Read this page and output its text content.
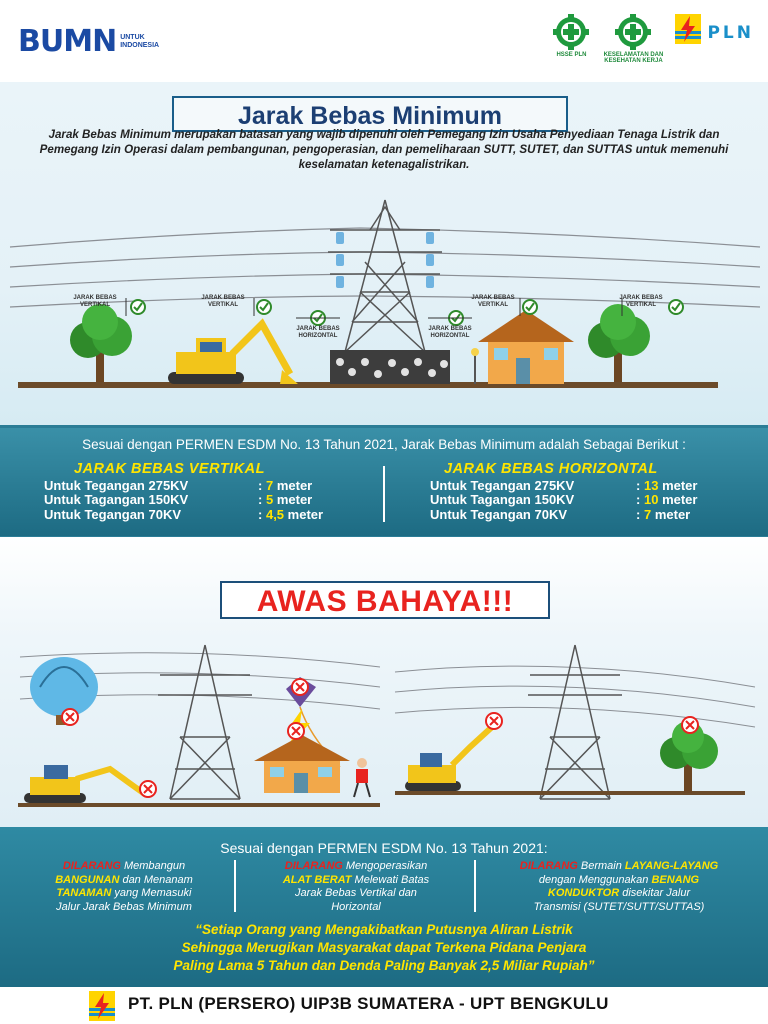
BUMN UNTUK
INDONESIA
HSSE PLN	KESELAMATAN DAN KESEHATAN KERJA
PLN
Jarak Bebas Minimum
Jarak Bebas Minimum merupakan batasan yang wajib dipenuhi oleh Pemegang Izin Usaha Penyediaan Tenaga Listrik dan Pemegang Izin Operasi dalam pembangunan, pengoperasian, dan pemeliharaan SUTT, SUTET, dan SUTTAS untuk memenuhi keselamatan ketenagalistrikan.
JARAK BEBAS VERTIKAL
JARAK BEBAS VERTIKAL
JARAK BEBAS HORIZONTAL
JARAK BEBAS HORIZONTAL
JARAK BEBAS VERTIKAL
JARAK BEBAS VERTIKAL
Sesuai dengan PERMEN ESDM No. 13 Tahun 2021, Jarak Bebas Minimum adalah Sebagai Berikut :
JARAK BEBAS VERTIKAL	JARAK BEBAS HORIZONTAL
Untuk Tegangan 275KV	: 7 meter
Untuk Tagangan 150KV	: 5 meter
Untuk Tegangan 70KV	: 4,5 meter
Untuk Tegangan 275KV	: 13 meter
Untuk Tagangan 150KV	: 10 meter
Untuk Tegangan 70KV	: 7 meter
AWAS BAHAYA!!!
Sesuai dengan PERMEN ESDM No. 13 Tahun 2021:
DILARANG Membangun
BANGUNAN dan Menanam
TANAMAN yang Memasuki
Jalur Jarak Bebas Minimum
DILARANG Mengoperasikan
ALAT BERAT Melewati Batas
Jarak Bebas Vertikal dan
Horizontal
DILARANG Bermain LAYANG-LAYANG
dengan Menggunakan BENANG
KONDUKTOR disekitar Jalur
Transmisi (SUTET/SUTT/SUTTAS)
“Setiap Orang yang Mengakibatkan Putusnya Aliran Listrik
Sehingga Merugikan Masyarakat dapat Terkena Pidana Penjara
Paling Lama 5 Tahun dan Denda Paling Banyak 2,5 Miliar Rupiah”
PT. PLN (PERSERO) UIP3B SUMATERA - UPT BENGKULU
